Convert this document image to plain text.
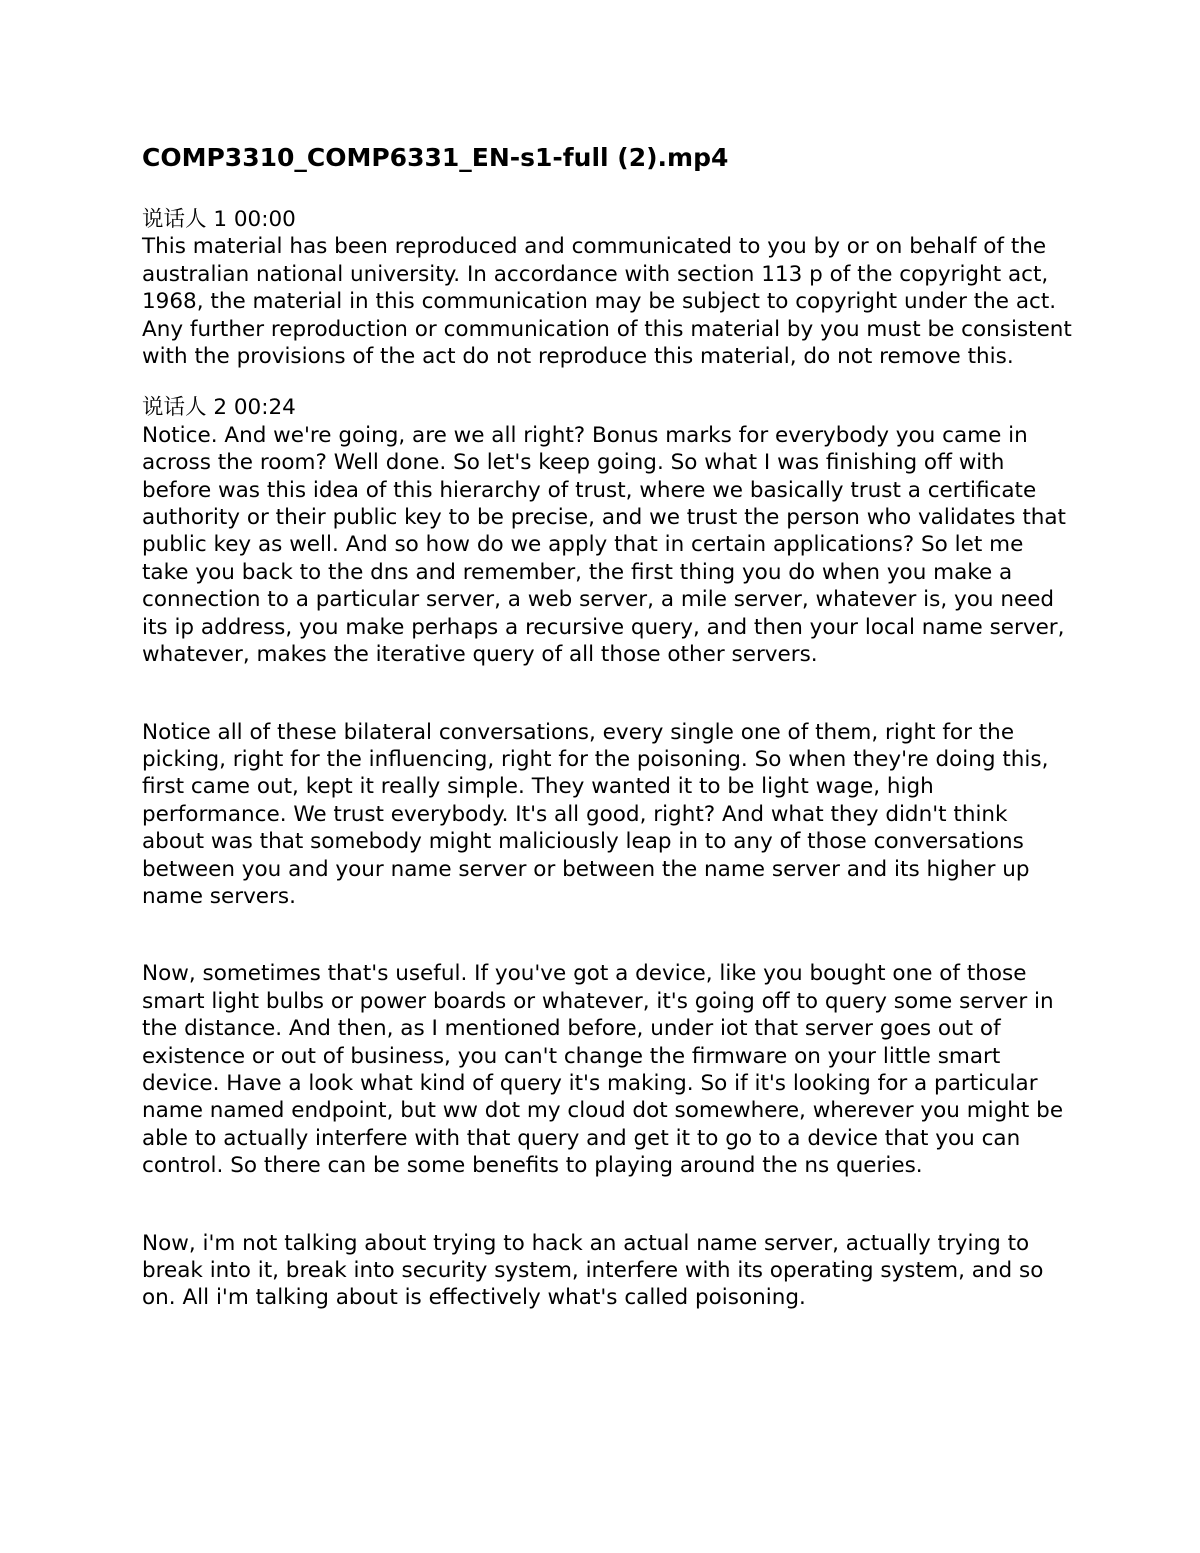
COMP3310_COMP6331_EN-s1-full (2).mp4

说话人 1 00:00

This material has been reproduced and communicated to you by or on behalf of the australian national university. In accordance with section 113 p of the copyright act, 1968, the material in this communication may be subject to copyright under the act. Any further reproduction or communication of this material by you must be consistent with the provisions of the act do not reproduce this material, do not remove this.

说话人 2 00:24

Notice. And we're going, are we all right? Bonus marks for everybody you came in across the room? Well done. So let's keep going. So what I was finishing off with before was this idea of this hierarchy of trust, where we basically trust a certificate authority or their public key to be precise, and we trust the person who validates that public key as well. And so how do we apply that in certain applications? So let me take you back to the dns and remember, the first thing you do when you make a connection to a particular server, a web server, a mile server, whatever is, you need its ip address, you make perhaps a recursive query, and then your local name server, whatever, makes the iterative query of all those other servers.

Notice all of these bilateral conversations, every single one of them, right for the picking, right for the influencing, right for the poisoning. So when they're doing this, first came out, kept it really simple. They wanted it to be light wage, high performance. We trust everybody. It's all good, right? And what they didn't think about was that somebody might maliciously leap in to any of those conversations between you and your name server or between the name server and its higher up name servers.

Now, sometimes that's useful. If you've got a device, like you bought one of those smart light bulbs or power boards or whatever, it's going off to query some server in the distance. And then, as I mentioned before, under iot that server goes out of existence or out of business, you can't change the firmware on your little smart device. Have a look what kind of query it's making. So if it's looking for a particular name named endpoint, but ww dot my cloud dot somewhere, wherever you might be able to actually interfere with that query and get it to go to a device that you can control. So there can be some benefits to playing around the ns queries.

Now, i'm not talking about trying to hack an actual name server, actually trying to break into it, break into security system, interfere with its operating system, and so on. All i'm talking about is effectively what's called poisoning.
